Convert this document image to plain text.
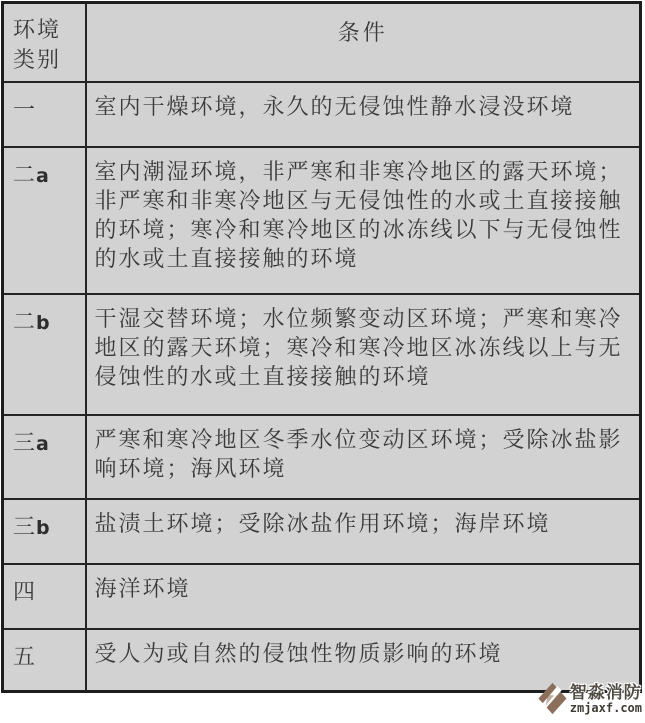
环境
类别	条件
一	室内干燥环境，永久的无侵蚀性静水浸没环境
二a	室内潮湿环境，非严寒和非寒冷地区的露天环境；非严寒和非寒冷地区与无侵蚀性的水或土直接接触的环境；寒冷和寒冷地区的冰冻线以下与无侵蚀性的水或土直接接触的环境
二b	干湿交替环境；水位频繁变动区环境；严寒和寒冷地区的露天环境；寒冷和寒冷地区冰冻线以上与无侵蚀性的水或土直接接触的环境
三a	严寒和寒冷地区冬季水位变动区环境；受除冰盐影响环境；海风环境
三b	盐渍土环境；受除冰盐作用环境；海岸环境
四	海洋环境
五	受人为或自然的侵蚀性物质影响的环境
智淼消防
zmjaxf.com
